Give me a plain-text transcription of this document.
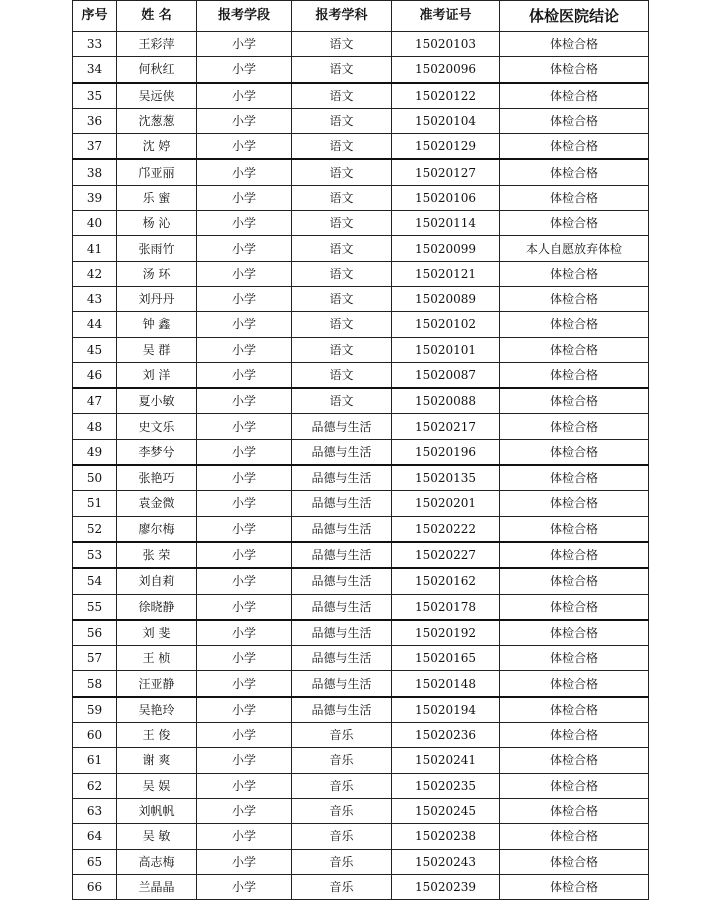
序号	姓 名	报考学段	报考学科	准考证号	体检医院结论
33	王彩萍	小学	语文	15020103	体检合格
34	何秋红	小学	语文	15020096	体检合格
35	吴远侠	小学	语文	15020122	体检合格
36	沈葱葱	小学	语文	15020104	体检合格
37	沈 婷	小学	语文	15020129	体检合格
38	邝亚丽	小学	语文	15020127	体检合格
39	乐 蜜	小学	语文	15020106	体检合格
40	杨 沁	小学	语文	15020114	体检合格
41	张雨竹	小学	语文	15020099	本人自愿放弃体检
42	汤 环	小学	语文	15020121	体检合格
43	刘丹丹	小学	语文	15020089	体检合格
44	钟 鑫	小学	语文	15020102	体检合格
45	吴 群	小学	语文	15020101	体检合格
46	刘 洋	小学	语文	15020087	体检合格
47	夏小敏	小学	语文	15020088	体检合格
48	史文乐	小学	品德与生活	15020217	体检合格
49	李梦兮	小学	品德与生活	15020196	体检合格
50	张艳巧	小学	品德与生活	15020135	体检合格
51	袁金微	小学	品德与生活	15020201	体检合格
52	廖尔梅	小学	品德与生活	15020222	体检合格
53	张 荣	小学	品德与生活	15020227	体检合格
54	刘自莉	小学	品德与生活	15020162	体检合格
55	徐晓静	小学	品德与生活	15020178	体检合格
56	刘 斐	小学	品德与生活	15020192	体检合格
57	王 桢	小学	品德与生活	15020165	体检合格
58	汪亚静	小学	品德与生活	15020148	体检合格
59	吴艳玲	小学	品德与生活	15020194	体检合格
60	王 俊	小学	音乐	15020236	体检合格
61	谢 爽	小学	音乐	15020241	体检合格
62	吴 娱	小学	音乐	15020235	体检合格
63	刘帆帆	小学	音乐	15020245	体检合格
64	吴 敏	小学	音乐	15020238	体检合格
65	高志梅	小学	音乐	15020243	体检合格
66	兰晶晶	小学	音乐	15020239	体检合格
